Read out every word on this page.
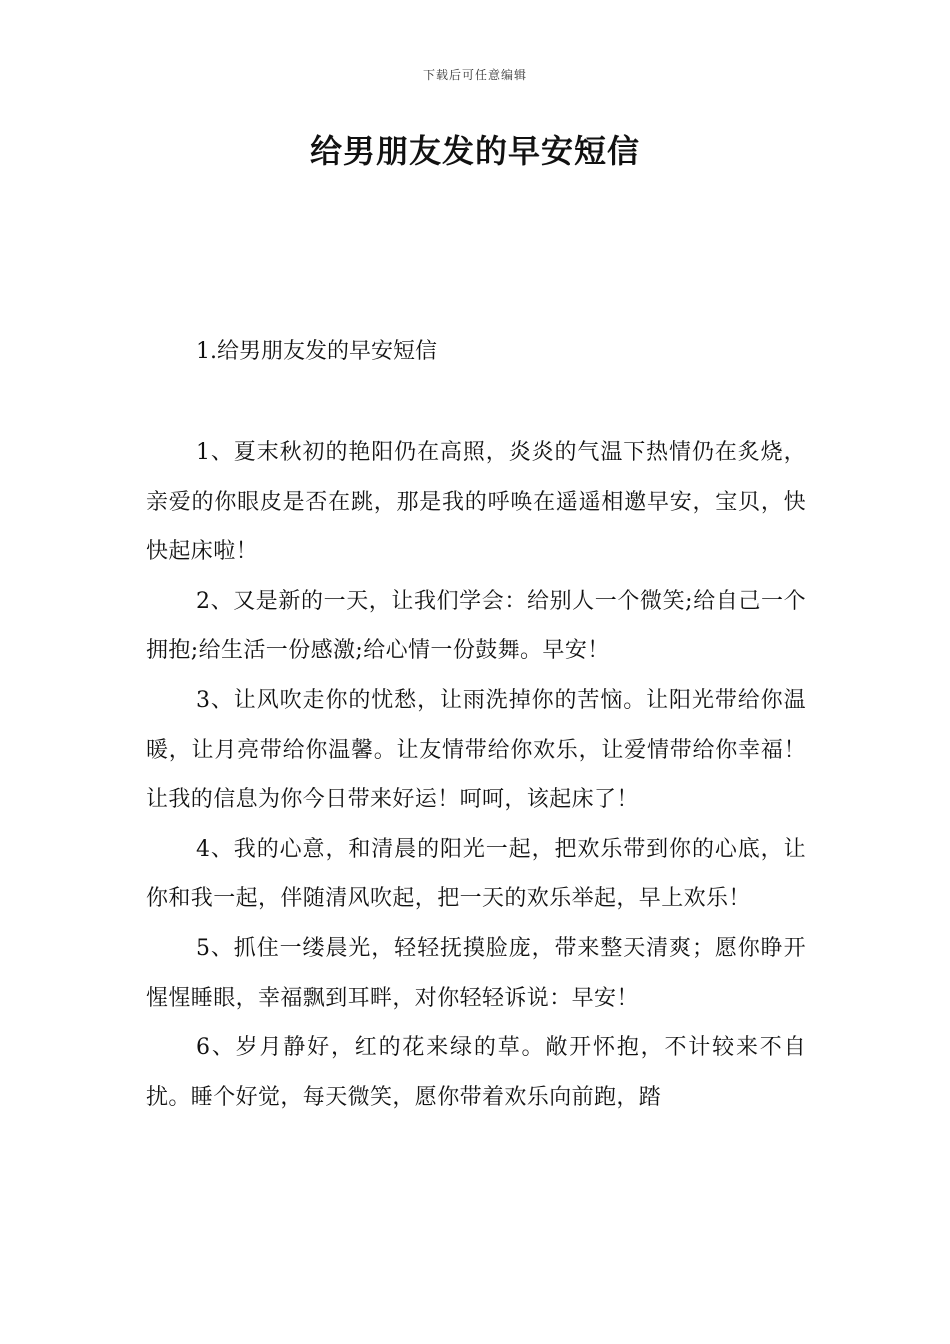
下载后可任意编辑
给男朋友发的早安短信
1.给男朋友发的早安短信

1、夏末秋初的艳阳仍在高照，炎炎的气温下热情仍在炙烧，亲爱的你眼皮是否在跳，那是我的呼唤在遥遥相邀早安，宝贝，快快起床啦！

2、又是新的一天，让我们学会：给别人一个微笑;给自己一个拥抱;给生活一份感激;给心情一份鼓舞。早安！

3、让风吹走你的忧愁，让雨洗掉你的苦恼。让阳光带给你温暖，让月亮带给你温馨。让友情带给你欢乐，让爱情带给你幸福！让我的信息为你今日带来好运！呵呵，该起床了！

4、我的心意，和清晨的阳光一起，把欢乐带到你的心底，让你和我一起，伴随清风吹起，把一天的欢乐举起，早上欢乐！

5、抓住一缕晨光，轻轻抚摸脸庞，带来整天清爽；愿你睁开惺惺睡眼，幸福飘到耳畔，对你轻轻诉说：早安！

6、岁月静好，红的花来绿的草。敞开怀抱，不计较来不自扰。睡个好觉，每天微笑，愿你带着欢乐向前跑，踏
